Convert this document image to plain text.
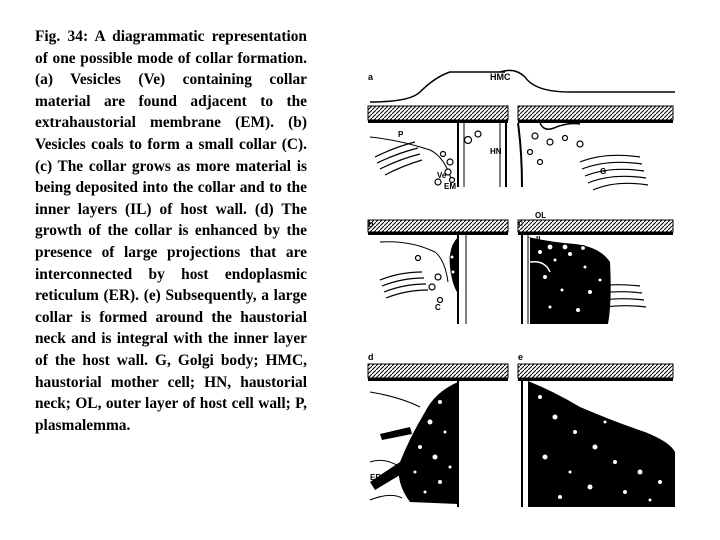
Fig. 34: A diagrammatic representation of one possible mode of collar formation. (a) Vesicles (Ve) containing collar material are found adjacent to the extrahaustorial membrane (EM). (b) Vesicles coals to form a small collar (C). (c) The collar grows as more material is being deposited into the collar and to the inner layers (IL) of host wall. (d) The growth of the collar is enhanced by the presence of large projections that are interconnected by host endoplasmic reticulum (ER). (e) Subsequently, a large collar is formed around the haustorial neck and is integral with the inner layer of the host wall. G, Golgi body; HMC, haustorial mother cell; HN, haustorial neck; OL, outer layer of host cell wall; P, plasmalemma.

a	HMC
P
HN
Ve
EM
G
b
C
c
OL
IL
d
ER
e
